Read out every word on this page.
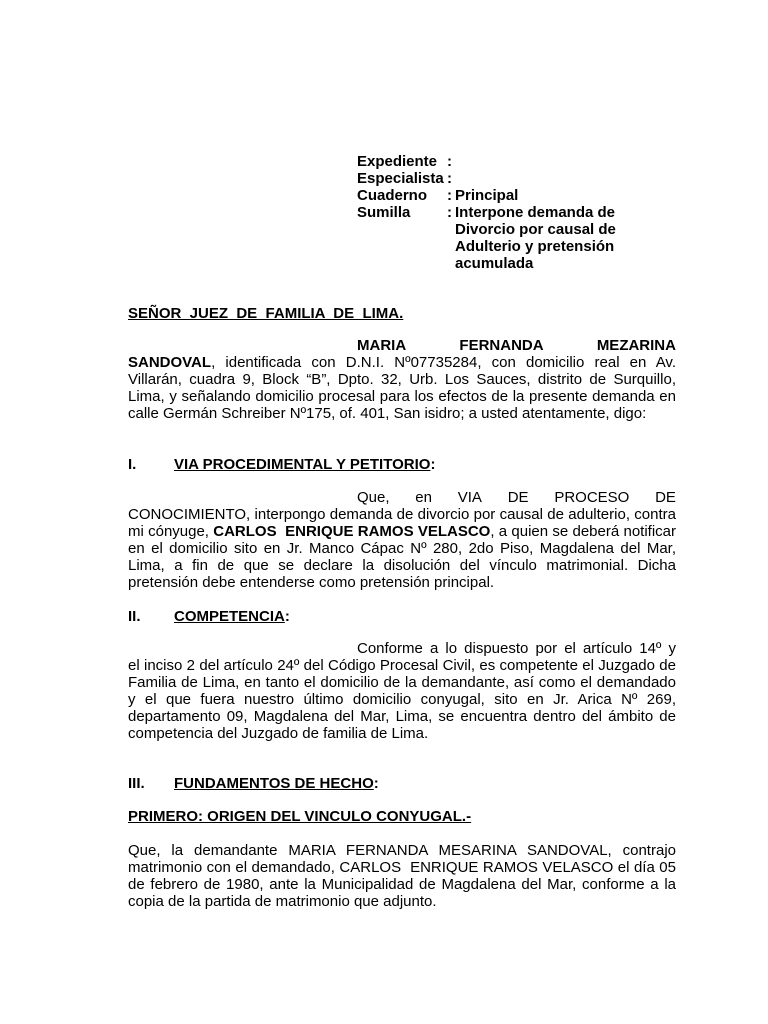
Expediente :
Especialista :
Cuaderno	: Principal
Sumilla	: Interpone demanda de
Divorcio por causal de
Adulterio y pretensión
acumulada
SEÑOR  JUEZ  DE  FAMILIA  DE  LIMA.
MARIA	FERNANDA	MEZARINA
SANDOVAL, identificada con D.N.I. Nº07735284, con domicilio real en Av. Villarán, cuadra 9, Block “B”, Dpto. 32, Urb. Los Sauces, distrito de Surquillo, Lima, y señalando domicilio procesal para los efectos de la presente demanda en calle Germán Schreiber Nº175, of. 401, San isidro; a usted atentamente, digo:
I.	VIA PROCEDIMENTAL Y PETITORIO:
Que, en VIA DE PROCESO DE
CONOCIMIENTO, interpongo demanda de divorcio por causal de adulterio, contra mi cónyuge, CARLOS  ENRIQUE RAMOS VELASCO, a quien se deberá notificar en el domicilio sito en Jr. Manco Cápac Nº 280, 2do Piso, Magdalena del Mar, Lima, a fin de que se declare la disolución del vínculo matrimonial. Dicha pretensión debe entenderse como pretensión principal.
II.	COMPETENCIA:
Conforme a lo dispuesto por el artículo 14º y
el inciso 2 del artículo 24º del Código Procesal Civil, es competente el Juzgado de Familia de Lima, en tanto el domicilio de la demandante, así como el demandado y el que fuera nuestro último domicilio conyugal, sito en Jr. Arica Nº 269, departamento 09, Magdalena del Mar, Lima, se encuentra dentro del ámbito de competencia del Juzgado de familia de Lima.
III.	FUNDAMENTOS DE HECHO:
PRIMERO: ORIGEN DEL VINCULO CONYUGAL.-
Que, la demandante MARIA FERNANDA MESARINA SANDOVAL, contrajo matrimonio con el demandado, CARLOS  ENRIQUE RAMOS VELASCO el día 05 de febrero de 1980, ante la Municipalidad de Magdalena del Mar, conforme a la copia de la partida de matrimonio que adjunto.
